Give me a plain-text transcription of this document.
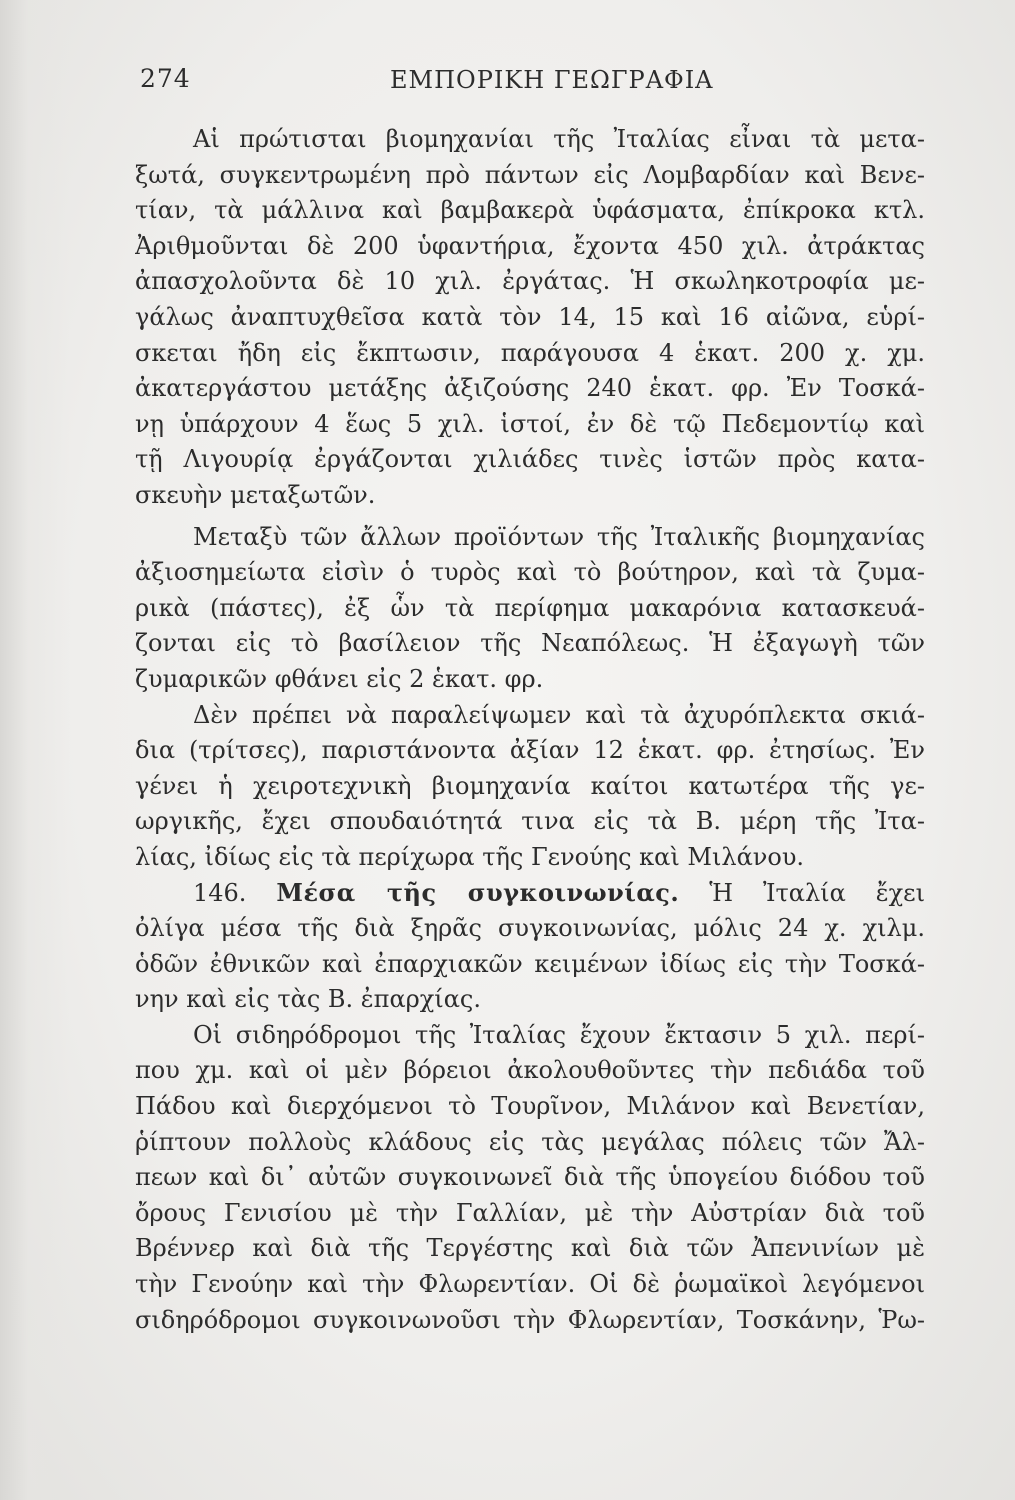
274	ΕΜΠΟΡΙΚΗ ΓΕΩΓΡΑΦΙΑ
Αἱ πρώτισται βιομηχανίαι τῆς Ἰταλίας εἶναι τὰ μετα-
ξωτά, συγκεντρωμένη πρὸ πάντων εἰς Λομβαρδίαν καὶ Βενε-
τίαν, τὰ μάλλινα καὶ βαμβακερὰ ὑφάσματα, ἐπίκροκα κτλ.
Ἀριθμοῦνται δὲ 200 ὑφαντήρια, ἔχοντα 450 χιλ. ἀτράκτας
ἀπασχολοῦντα δὲ 10 χιλ. ἐργάτας. Ἡ σκωληκοτροφία με-
γάλως ἀναπτυχθεῖσα κατὰ τὸν 14, 15 καὶ 16 αἰῶνα, εὑρί-
σκεται ἤδη εἰς ἔκπτωσιν, παράγουσα 4 ἑκατ. 200 χ. χμ.
ἀκατεργάστου μετάξης ἀξιζούσης 240 ἑκατ. φρ. Ἐν Τοσκά-
νῃ ὑπάρχουν 4 ἕως 5 χιλ. ἱστοί, ἐν δὲ τῷ Πεδεμοντίῳ καὶ
τῇ Λιγουρίᾳ ἐργάζονται χιλιάδες τινὲς ἱστῶν πρὸς κατα-
σκευὴν μεταξωτῶν.
Μεταξὺ τῶν ἄλλων προϊόντων τῆς Ἰταλικῆς βιομηχανίας
ἀξιοσημείωτα εἰσὶν ὁ τυρὸς καὶ τὸ βούτηρον, καὶ τὰ ζυμα-
ρικὰ (πάστες), ἐξ ὧν τὰ περίφημα μακαρόνια κατασκευά-
ζονται εἰς τὸ βασίλειον τῆς Νεαπόλεως. Ἡ ἐξαγωγὴ τῶν
ζυμαρικῶν φθάνει εἰς 2 ἑκατ. φρ.
Δὲν πρέπει νὰ παραλείψωμεν καὶ τὰ ἀχυρόπλεκτα σκιά-
δια (τρίτσες), παριστάνοντα ἀξίαν 12 ἑκατ. φρ. ἐτησίως. Ἐν
γένει ἡ χειροτεχνικὴ βιομηχανία καίτοι κατωτέρα τῆς γε-
ωργικῆς, ἔχει σπουδαιότητά τινα εἰς τὰ Β. μέρη τῆς Ἰτα-
λίας, ἰδίως εἰς τὰ περίχωρα τῆς Γενούης καὶ Μιλάνου.
146. Μέσα τῆς συγκοινωνίας. Ἡ Ἰταλία ἔχει
ὀλίγα μέσα τῆς διὰ ξηρᾶς συγκοινωνίας, μόλις 24 χ. χιλμ.
ὁδῶν ἐθνικῶν καὶ ἐπαρχιακῶν κειμένων ἰδίως εἰς τὴν Τοσκά-
νην καὶ εἰς τὰς Β. ἐπαρχίας.
Οἱ σιδηρόδρομοι τῆς Ἰταλίας ἔχουν ἔκτασιν 5 χιλ. περί-
που χμ. καὶ οἱ μὲν βόρειοι ἀκολουθοῦντες τὴν πεδιάδα τοῦ
Πάδου καὶ διερχόμενοι τὸ Τουρῖνον, Μιλάνον καὶ Βενετίαν,
ῥίπτουν πολλοὺς κλάδους εἰς τὰς μεγάλας πόλεις τῶν Ἄλ-
πεων καὶ δι᾽ αὐτῶν συγκοινωνεῖ διὰ τῆς ὑπογείου διόδου τοῦ
ὄρους Γενισίου μὲ τὴν Γαλλίαν, μὲ τὴν Αὐστρίαν διὰ τοῦ
Βρέννερ καὶ διὰ τῆς Τεργέστης καὶ διὰ τῶν Ἀπενινίων μὲ
τὴν Γενούην καὶ τὴν Φλωρεντίαν. Οἱ δὲ ῥωμαϊκοὶ λεγόμενοι
σιδηρόδρομοι συγκοινωνοῦσι τὴν Φλωρεντίαν, Τοσκάνην, Ῥω-
